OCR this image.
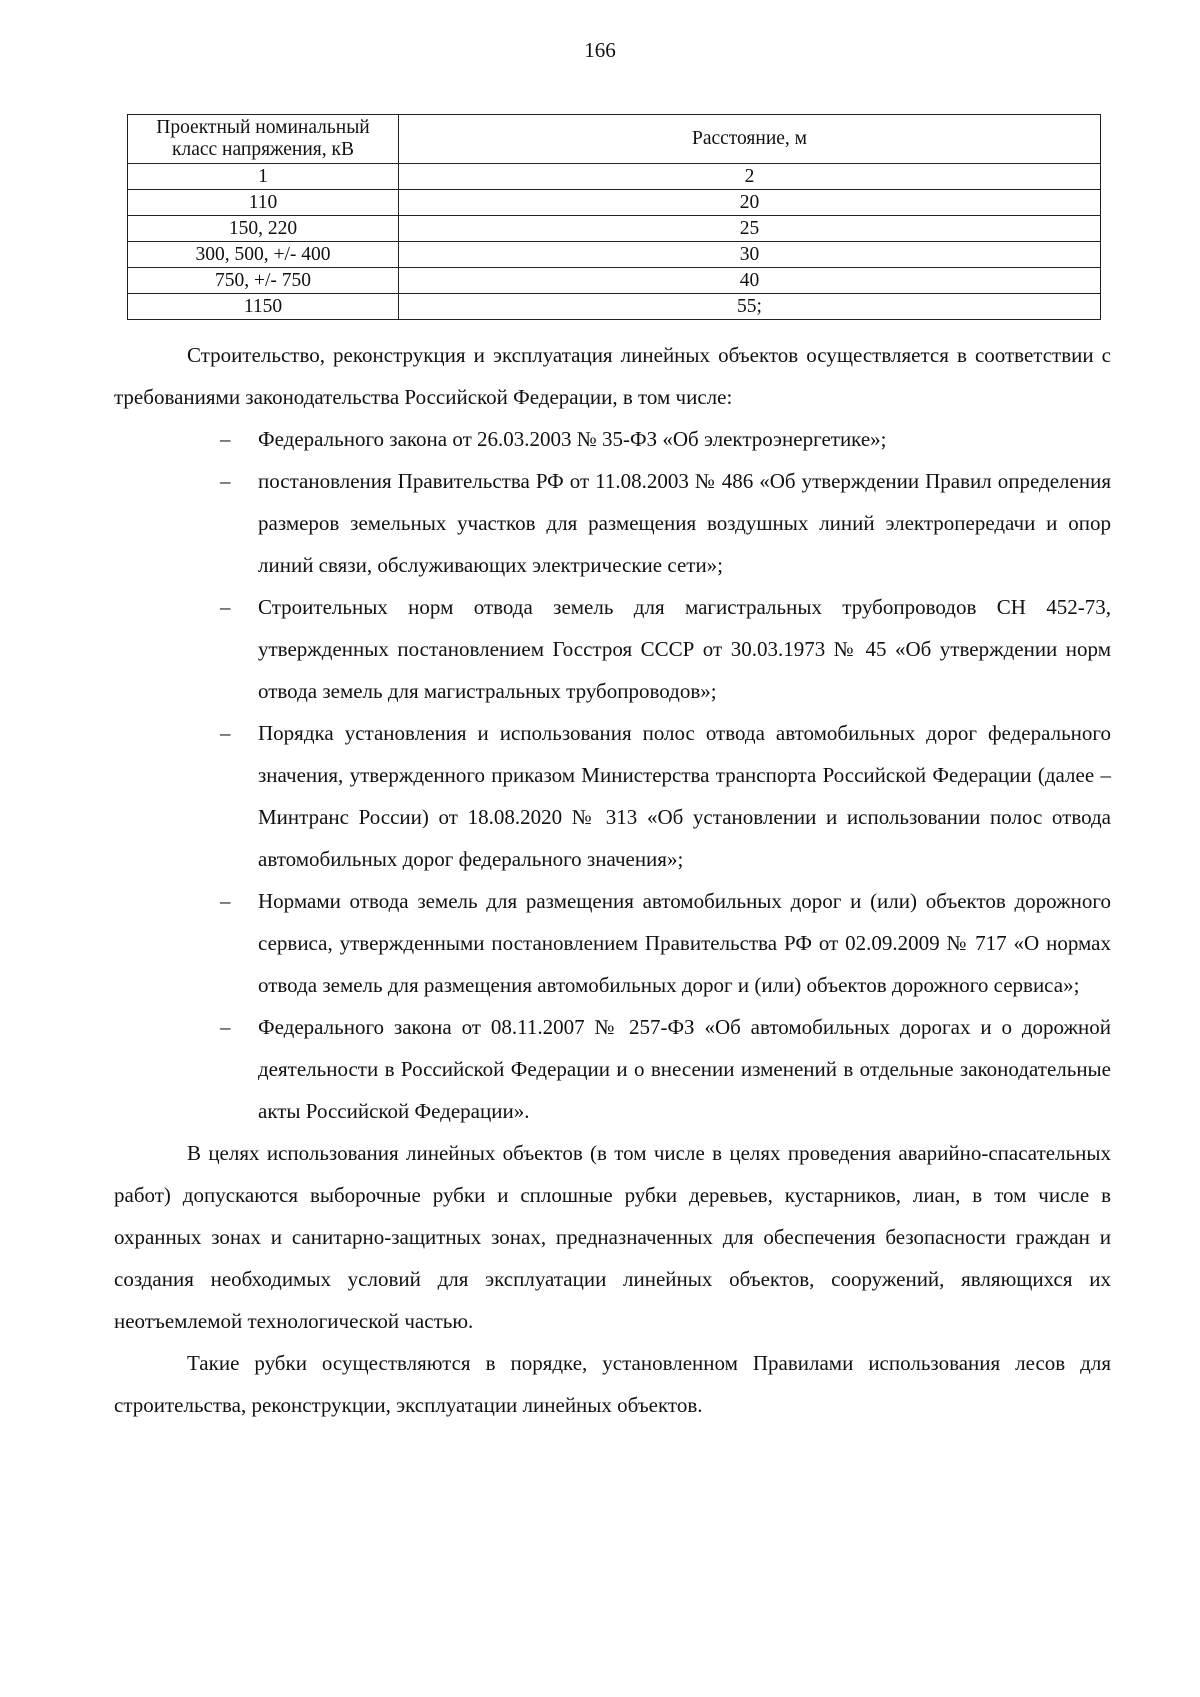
166
Проектный номинальный класс напряжения, кВ	Расстояние, м
1	2
110	20
150, 220	25
300, 500, +/- 400	30
750, +/- 750	40
1150	55;

Строительство, реконструкция и эксплуатация линейных объектов осуществляется в соответствии с требованиями законодательства Российской Федерации, в том числе:

– Федерального закона от 26.03.2003 № 35-ФЗ «Об электроэнергетике»;
– постановления Правительства РФ от 11.08.2003 № 486 «Об утверждении Правил определения размеров земельных участков для размещения воздушных линий электропередачи и опор линий связи, обслуживающих электрические сети»;
– Строительных норм отвода земель для магистральных трубопроводов СН 452-73, утвержденных постановлением Госстроя СССР от 30.03.1973 № 45 «Об утверждении норм отвода земель для магистральных трубопроводов»;
– Порядка установления и использования полос отвода автомобильных дорог федерального значения, утвержденного приказом Министерства транспорта Российской Федерации (далее – Минтранс России) от 18.08.2020 № 313 «Об установлении и использовании полос отвода автомобильных дорог федерального значения»;
– Нормами отвода земель для размещения автомобильных дорог и (или) объектов дорожного сервиса, утвержденными постановлением Правительства РФ от 02.09.2009 № 717 «О нормах отвода земель для размещения автомобильных дорог и (или) объектов дорожного сервиса»;
– Федерального закона от 08.11.2007 № 257-ФЗ «Об автомобильных дорогах и о дорожной деятельности в Российской Федерации и о внесении изменений в отдельные законодательные акты Российской Федерации».

В целях использования линейных объектов (в том числе в целях проведения аварийно-спасательных работ) допускаются выборочные рубки и сплошные рубки деревьев, кустарников, лиан, в том числе в охранных зонах и санитарно-защитных зонах, предназначенных для обеспечения безопасности граждан и создания необходимых условий для эксплуатации линейных объектов, сооружений, являющихся их неотъемлемой технологической частью.

Такие рубки осуществляются в порядке, установленном Правилами использования лесов для строительства, реконструкции, эксплуатации линейных объектов.
